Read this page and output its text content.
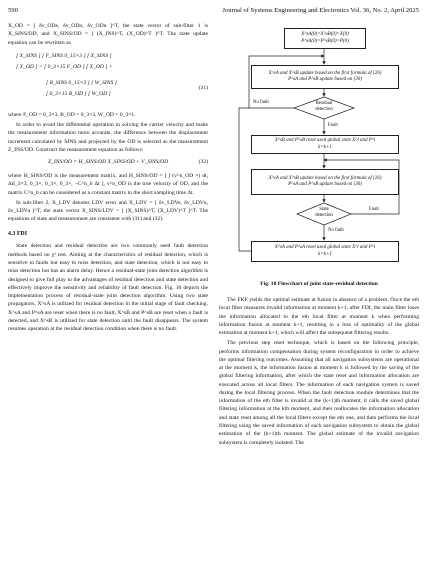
590	Journal of Systems Engineering and Electronics Vol. 36, No. 2, April 2025

X_OD = [ δv_ODe, δv_ODn, δv_ODu ]^T, the state vector of sub-filter 1 is X_SINS/OD, and X_SINS/OD = [ (X_INS)^T, (X_OD)^T ]^T. The state update equation can be rewritten as

[ X_SINS ] [ F_SINS 0_15×3 ] [ X_SINS ]
[ X_OD ] = [ 0_3×15 F_OD ] [ X_OD ] +
[ B_SINS 0_15×3 ] [ W_SINS ]
[ 0_3×15 B_OD ] [ W_OD ]
(31)

where F_OD = 0_3×3, B_OD = 0_3×3, W_OD = 0_3×1.

In order to avoid the differential operation in solving the carrier velocity and make the measurement information more accurate, the difference between the displacement increment calculated by SINS and projected by the OD is selected as the measurement Z_INS/OD. Construct the measurement equation as follows:

Z_INS/OD = H_SINS/OD X_SINS/OD + V_SINS/OD	(32)

where H_SINS/OD is the measurement matrix, and H_SINS/OD = [ ∫ (v^n_OD ×) dt, ΔtI_3×3, 0_3×, 0_3×, 0_3×, −C^n_b Δt ], v^n_OD is the true velocity of OD, and the matrix C^n_b can be considered as a constant matrix in the short sampling time Δt.

In sub-filter 2, X_LDV denotes LDV error and X_LDV = [ δv_LDVe, δv_LDVn, δv_LDVu ]^T, the state vector X_SINS/LDV = [ (X_SINS)^T, (X_LDV)^T ]^T. The equations of state and measurement are consistent with (31) and (32).

4.3 FDI

State detection and residual detection are two commonly used fault detection methods based on χ² test. Aiming at the characteristics of residual detection, which is sensitive to faults but easy to miss detection, and state detection, which is not easy to miss detection but has an alarm delay. Hence a residual-state joint detection algorithm is designed to give full play to the advantages of residual detection and state detection and effectively improve the sensitivity and reliability of fault detection. Fig. 10 depicts the implementation process of residual-state joint detection algorithm. Using two state propagators, X^sA is utilized for residual detection in the initial stage of fault checking. X^sA and P^sA are reset when there is no fault, X^sB and P^sB are reset when a fault is detected, and X^sB is utilized for state detection until the fault disappears. The system resumes operation at the residual detection condition when there is no fault.

X^sA(0)=X^sB(0)=X(0)
P^sA(0)=P^sB(0)=P(0)
X^sA and X^sB update based on the first formula of (26)
P^sA and P^sB update based on (30)
Residual
detection
No fault
Fault
X^sB and P^sB reset used global state X^i and P^i
k=k+1
X^sA and X^sB update based on the first formula of (26)
P^sA and P^sB update based on (30)
State
detection
Fault
No fault
X^sA and P^sA reset used global state X^i and P^i
k=k+1
Fig. 10 Flowchart of joint state-residual detection

The FKF yields the optimal estimate at fusion in absence of a problem. Once the eth local filter measures invalid information at moment k+1, after FDI, the main filter loses the information allocated to the eth local filter at moment k when performing information fusion at moment k+1, resulting in a loss of optimality of the global estimation at moment k+1, which will affect the subsequent filtering results.

The previous step reset technique, which is based on the following principle, performs information compensation during system reconfiguration in order to achieve the optimal filtering outcomes. Assuming that all navigation subsystems are operational at the moment k, the information fusion at moment k is followed by the saving of the global filtering information, after which the state reset and information allocation are executed across all local filters. The information of each navigation system is saved during the local filtering process. When the fault detection module determines that the information of the eth filter is invalid at the (k+1)th moment, it calls the saved global filtering information at the kth moment, and then reallocates the information allocation and state reset among all the local filters except the eth one, and then performs the local filtering using the saved information of each navigation subsystem to obtain the global estimation of the (k+1)th moment. The global estimate of the invalid navigation subsystem is completely isolated. The
